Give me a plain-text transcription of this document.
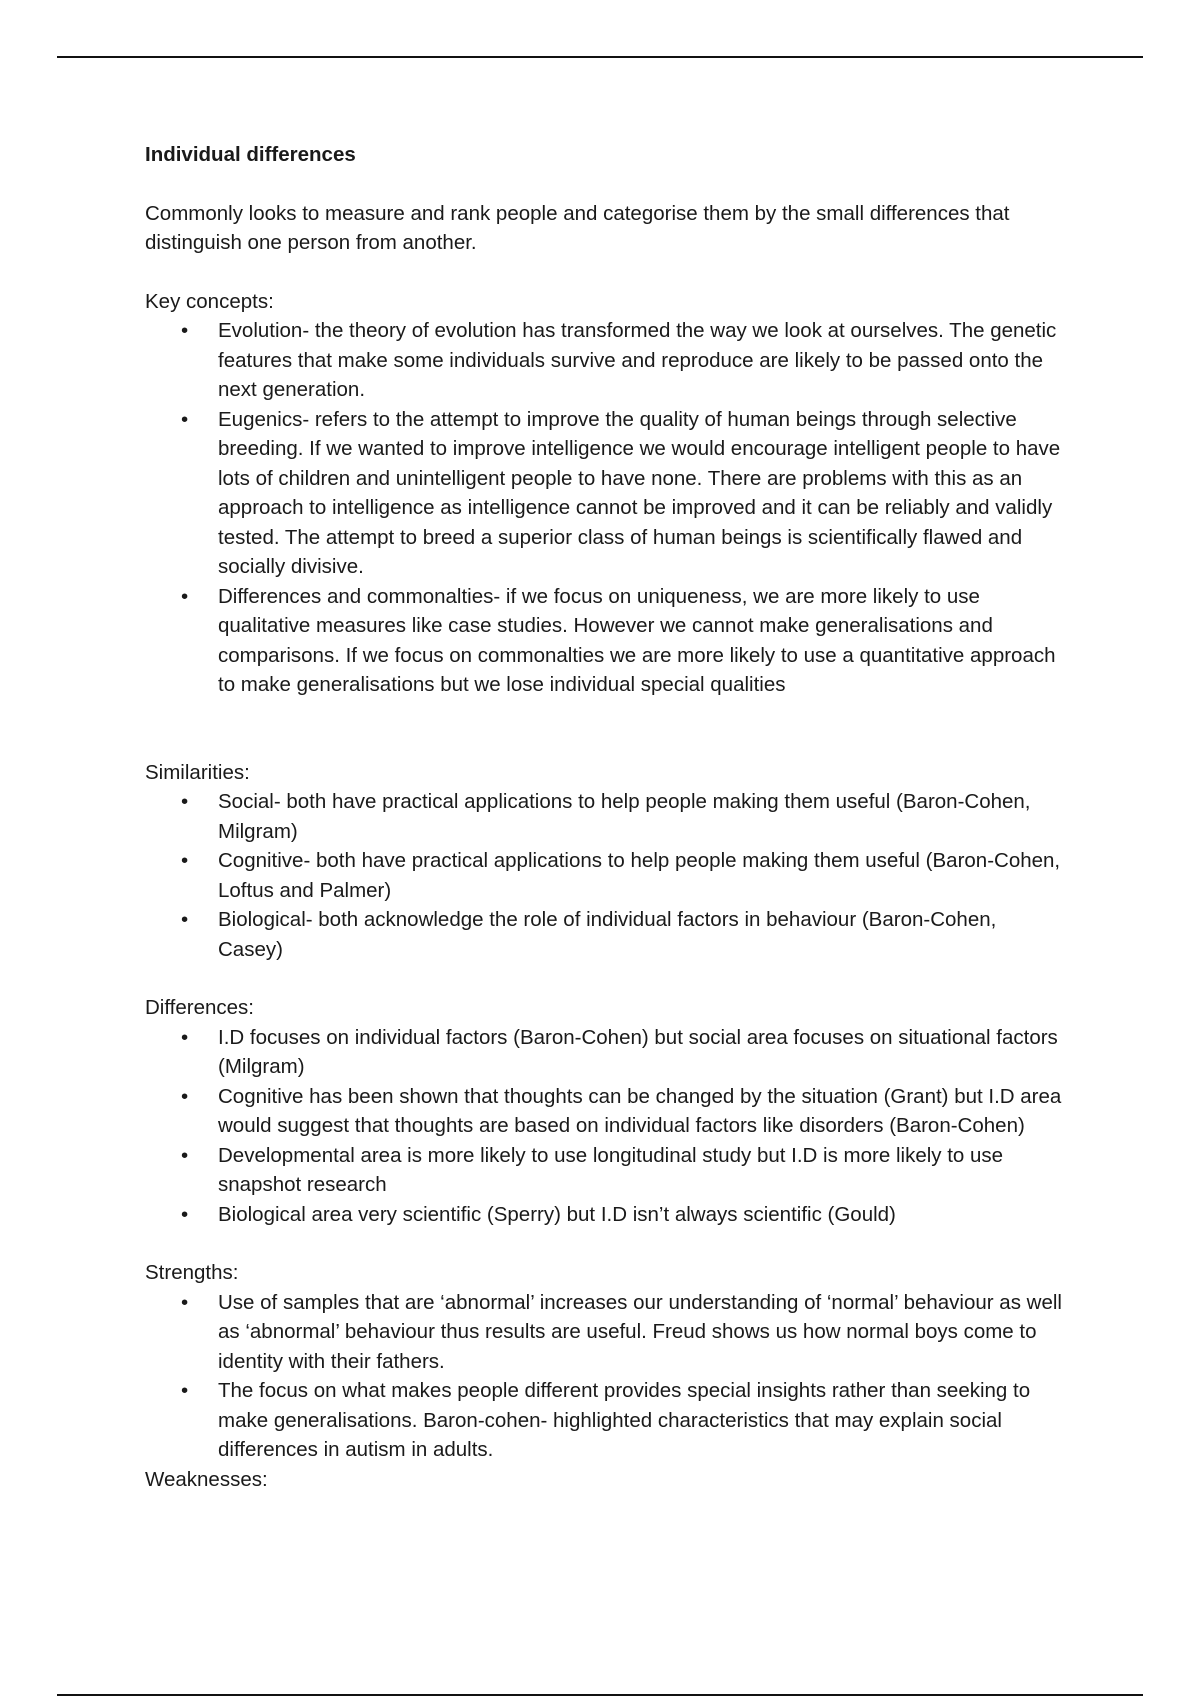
Individual differences

Commonly looks to measure and rank people and categorise them by the small differences that distinguish one person from another.

Key concepts:

• Evolution- the theory of evolution has transformed the way we look at ourselves. The genetic features that make some individuals survive and reproduce are likely to be passed onto the next generation.
• Eugenics- refers to the attempt to improve the quality of human beings through selective breeding. If we wanted to improve intelligence we would encourage intelligent people to have lots of children and unintelligent people to have none. There are problems with this as an approach to intelligence as intelligence cannot be improved and it can be reliably and validly tested. The attempt to breed a superior class of human beings is scientifically flawed and socially divisive.
• Differences and commonalties- if we focus on uniqueness, we are more likely to use qualitative measures like case studies. However we cannot make generalisations and comparisons. If we focus on commonalties we are more likely to use a quantitative approach to make generalisations but we lose individual special qualities

Similarities:

• Social- both have practical applications to help people making them useful (Baron-Cohen, Milgram)
• Cognitive- both have practical applications to help people making them useful (Baron-Cohen, Loftus and Palmer)
• Biological- both acknowledge the role of individual factors in behaviour (Baron-Cohen, Casey)

Differences:

• I.D focuses on individual factors (Baron-Cohen) but social area focuses on situational factors (Milgram)
• Cognitive has been shown that thoughts can be changed by the situation (Grant) but I.D area would suggest that thoughts are based on individual factors like disorders (Baron-Cohen)
• Developmental area is more likely to use longitudinal study but I.D is more likely to use snapshot research
• Biological area very scientific (Sperry) but I.D isn’t always scientific (Gould)

Strengths:

• Use of samples that are ‘abnormal’ increases our understanding of ‘normal’ behaviour as well as ‘abnormal’ behaviour thus results are useful. Freud shows us how normal boys come to identity with their fathers.
• The focus on what makes people different provides special insights rather than seeking to make generalisations. Baron-cohen- highlighted characteristics that may explain social differences in autism in adults.

Weaknesses:
